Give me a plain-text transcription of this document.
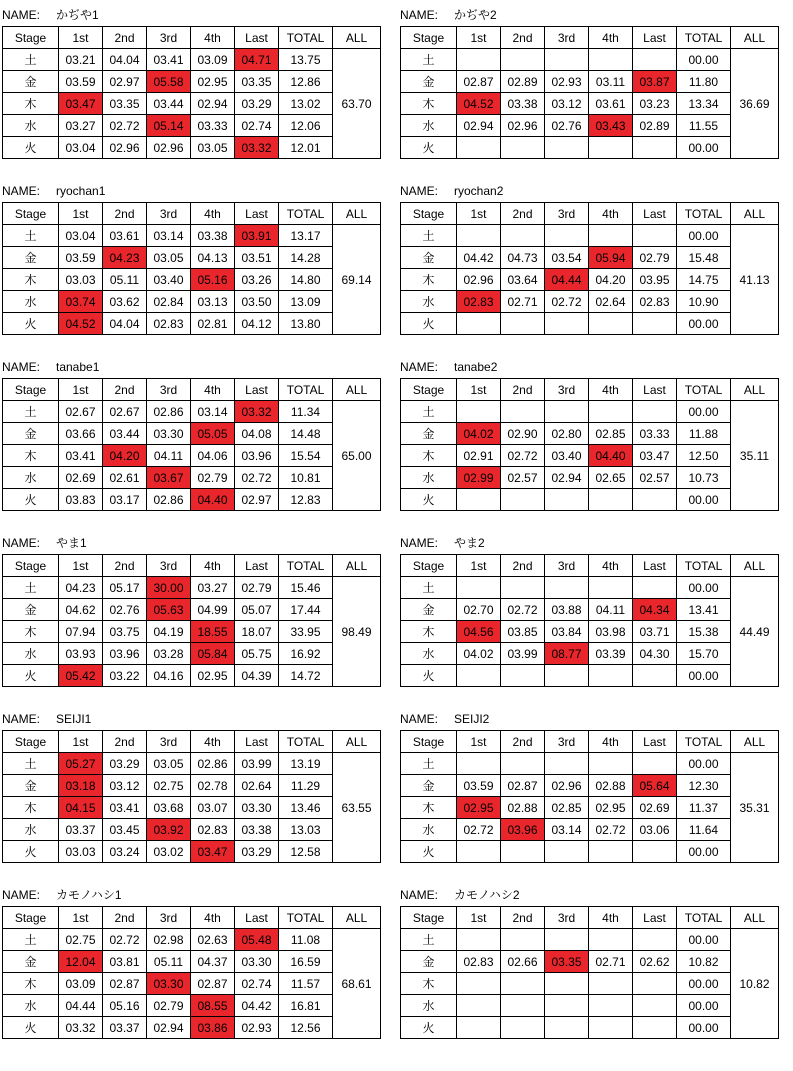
NAME: かぢや1
Stage	1st	2nd	3rd	4th	Last	TOTAL	ALL
土	03.21	04.04	03.41	03.09	04.71	13.75	63.70
金	03.59	02.97	05.58	02.95	03.35	12.86	
木	03.47	03.35	03.44	02.94	03.29	13.02	
水	03.27	02.72	05.14	03.33	02.74	12.06	
火	03.04	02.96	02.96	03.05	03.32	12.01	
NAME: かぢや2
Stage	1st	2nd	3rd	4th	Last	TOTAL	ALL
土						00.00	36.69
金	02.87	02.89	02.93	03.11	03.87	11.80	
木	04.52	03.38	03.12	03.61	03.23	13.34	
水	02.94	02.96	02.76	03.43	02.89	11.55	
火						00.00	
NAME: ryochan1
Stage	1st	2nd	3rd	4th	Last	TOTAL	ALL
土	03.04	03.61	03.14	03.38	03.91	13.17	69.14
金	03.59	04.23	03.05	04.13	03.51	14.28	
木	03.03	05.11	03.40	05.16	03.26	14.80	
水	03.74	03.62	02.84	03.13	03.50	13.09	
火	04.52	04.04	02.83	02.81	04.12	13.80	
NAME: ryochan2
Stage	1st	2nd	3rd	4th	Last	TOTAL	ALL
土						00.00	41.13
金	04.42	04.73	03.54	05.94	02.79	15.48	
木	02.96	03.64	04.44	04.20	03.95	14.75	
水	02.83	02.71	02.72	02.64	02.83	10.90	
火						00.00	
NAME: tanabe1
Stage	1st	2nd	3rd	4th	Last	TOTAL	ALL
土	02.67	02.67	02.86	03.14	03.32	11.34	65.00
金	03.66	03.44	03.30	05.05	04.08	14.48	
木	03.41	04.20	04.11	04.06	03.96	15.54	
水	02.69	02.61	03.67	02.79	02.72	10.81	
火	03.83	03.17	02.86	04.40	02.97	12.83	
NAME: tanabe2
Stage	1st	2nd	3rd	4th	Last	TOTAL	ALL
土						00.00	35.11
金	04.02	02.90	02.80	02.85	03.33	11.88	
木	02.91	02.72	03.40	04.40	03.47	12.50	
水	02.99	02.57	02.94	02.65	02.57	10.73	
火						00.00	
NAME: やま1
Stage	1st	2nd	3rd	4th	Last	TOTAL	ALL
土	04.23	05.17	30.00	03.27	02.79	15.46	98.49
金	04.62	02.76	05.63	04.99	05.07	17.44	
木	07.94	03.75	04.19	18.55	18.07	33.95	
水	03.93	03.96	03.28	05.84	05.75	16.92	
火	05.42	03.22	04.16	02.95	04.39	14.72	
NAME: やま2
Stage	1st	2nd	3rd	4th	Last	TOTAL	ALL
土						00.00	44.49
金	02.70	02.72	03.88	04.11	04.34	13.41	
木	04.56	03.85	03.84	03.98	03.71	15.38	
水	04.02	03.99	08.77	03.39	04.30	15.70	
火						00.00	
NAME: SEIJI1
Stage	1st	2nd	3rd	4th	Last	TOTAL	ALL
土	05.27	03.29	03.05	02.86	03.99	13.19	63.55
金	03.18	03.12	02.75	02.78	02.64	11.29	
木	04.15	03.41	03.68	03.07	03.30	13.46	
水	03.37	03.45	03.92	02.83	03.38	13.03	
火	03.03	03.24	03.02	03.47	03.29	12.58	
NAME: SEIJI2
Stage	1st	2nd	3rd	4th	Last	TOTAL	ALL
土						00.00	35.31
金	03.59	02.87	02.96	02.88	05.64	12.30	
木	02.95	02.88	02.85	02.95	02.69	11.37	
水	02.72	03.96	03.14	02.72	03.06	11.64	
火						00.00	
NAME: カモノハシ1
Stage	1st	2nd	3rd	4th	Last	TOTAL	ALL
土	02.75	02.72	02.98	02.63	05.48	11.08	68.61
金	12.04	03.81	05.11	04.37	03.30	16.59	
木	03.09	02.87	03.30	02.87	02.74	11.57	
水	04.44	05.16	02.79	08.55	04.42	16.81	
火	03.32	03.37	02.94	03.86	02.93	12.56	
NAME: カモノハシ2
Stage	1st	2nd	3rd	4th	Last	TOTAL	ALL
土						00.00	10.82
金	02.83	02.66	03.35	02.71	02.62	10.82	
木						00.00	
水						00.00	
火						00.00	
